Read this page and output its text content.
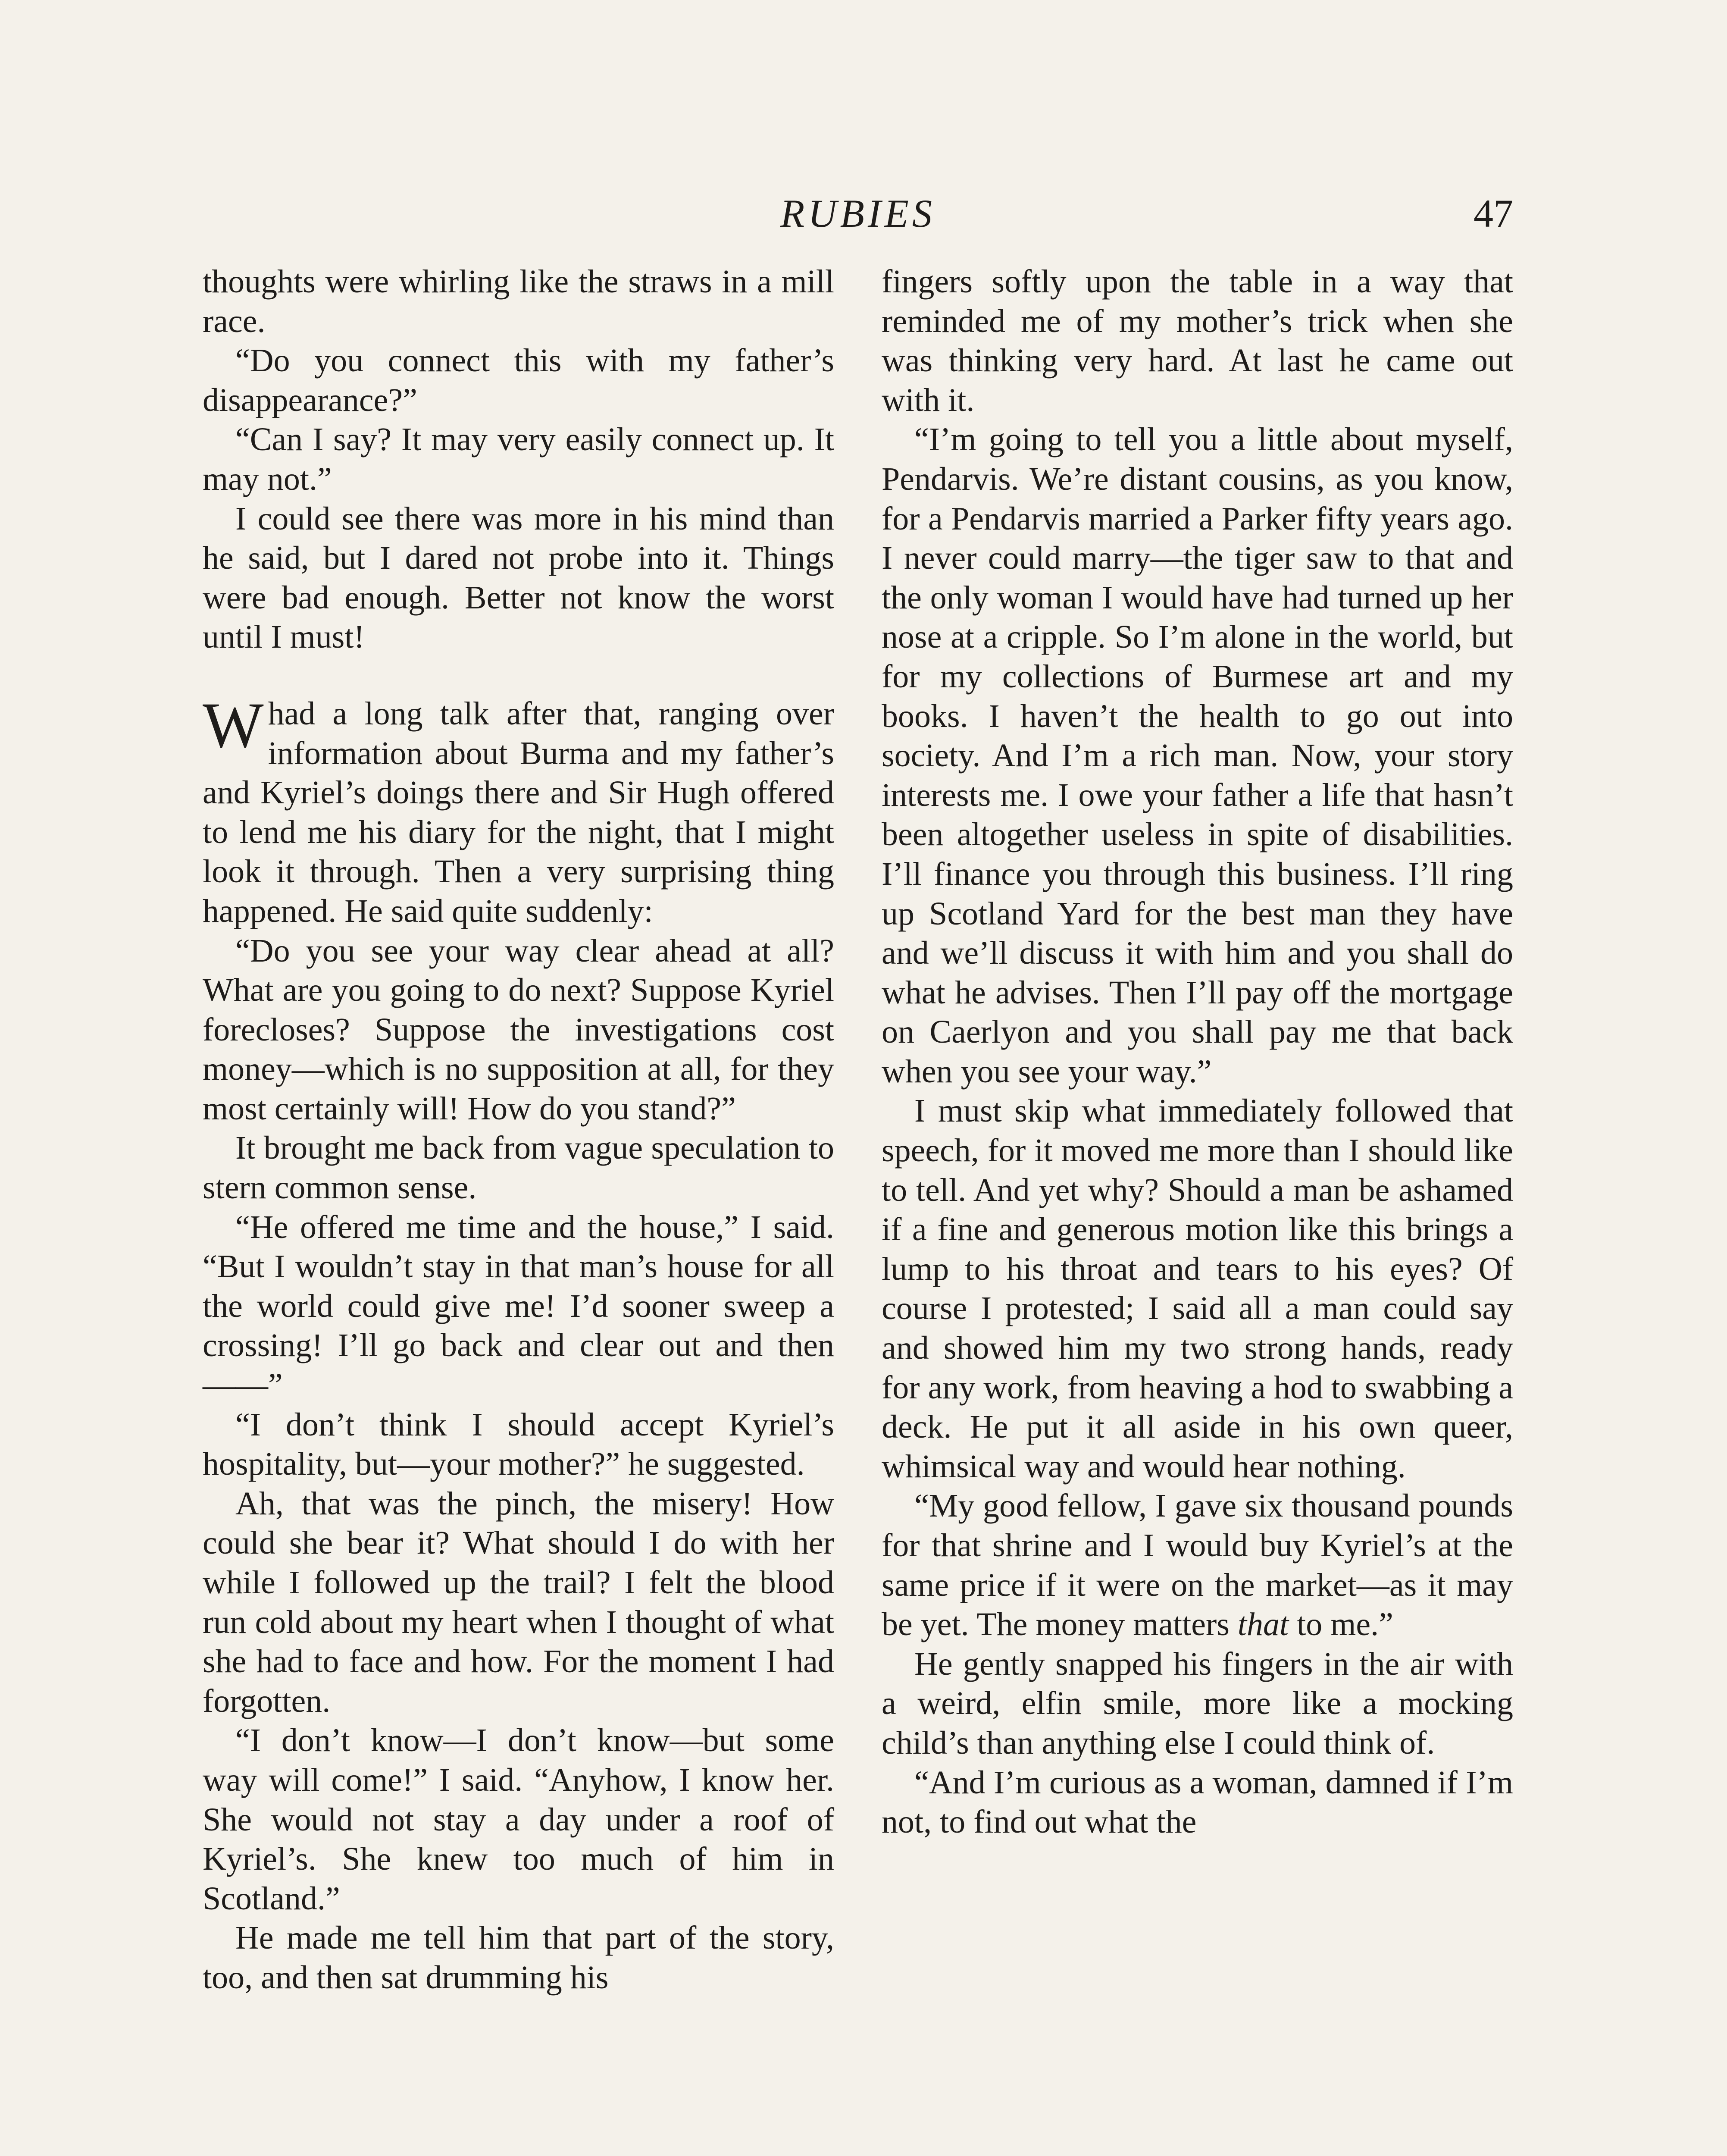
RUBIES	47

thoughts were whirling like the straws in a mill race.

“Do you connect this with my father’s disappearance?”

“Can I say? It may very easily connect up. It may not.”

I could see there was more in his mind than he said, but I dared not probe into it. Things were bad enough. Better not know the worst until I must!

Whad a long talk after that, ranging over information about Burma and my father’s and Kyriel’s doings there and Sir Hugh offered to lend me his diary for the night, that I might look it through. Then a very surprising thing happened. He said quite suddenly:

“Do you see your way clear ahead at all? What are you going to do next? Suppose Kyriel forecloses? Suppose the investigations cost money—which is no supposition at all, for they most certainly will! How do you stand?”

It brought me back from vague speculation to stern common sense.

“He offered me time and the house,” I said. “But I wouldn’t stay in that man’s house for all the world could give me! I’d sooner sweep a crossing! I’ll go back and clear out and then——”

“I don’t think I should accept Kyriel’s hospitality, but—your mother?” he suggested.

Ah, that was the pinch, the misery! How could she bear it? What should I do with her while I followed up the trail? I felt the blood run cold about my heart when I thought of what she had to face and how. For the moment I had forgotten.

“I don’t know—I don’t know—but some way will come!” I said. “Anyhow, I know her. She would not stay a day under a roof of Kyriel’s. She knew too much of him in Scotland.”

He made me tell him that part of the story, too, and then sat drumming his

fingers softly upon the table in a way that reminded me of my mother’s trick when she was thinking very hard. At last he came out with it.

“I’m going to tell you a little about myself, Pendarvis. We’re distant cousins, as you know, for a Pendarvis married a Parker fifty years ago. I never could marry—the tiger saw to that and the only woman I would have had turned up her nose at a cripple. So I’m alone in the world, but for my collections of Burmese art and my books. I haven’t the health to go out into society. And I’m a rich man. Now, your story interests me. I owe your father a life that hasn’t been altogether useless in spite of disabilities. I’ll finance you through this business. I’ll ring up Scotland Yard for the best man they have and we’ll discuss it with him and you shall do what he advises. Then I’ll pay off the mortgage on Caerlyon and you shall pay me that back when you see your way.”

I must skip what immediately followed that speech, for it moved me more than I should like to tell. And yet why? Should a man be ashamed if a fine and generous motion like this brings a lump to his throat and tears to his eyes? Of course I protested; I said all a man could say and showed him my two strong hands, ready for any work, from heaving a hod to swabbing a deck. He put it all aside in his own queer, whimsical way and would hear nothing.

“My good fellow, I gave six thousand pounds for that shrine and I would buy Kyriel’s at the same price if it were on the market—as it may be yet. The money matters that to me.”

He gently snapped his fingers in the air with a weird, elfin smile, more like a mocking child’s than anything else I could think of.

“And I’m curious as a woman, damned if I’m not, to find out what the
